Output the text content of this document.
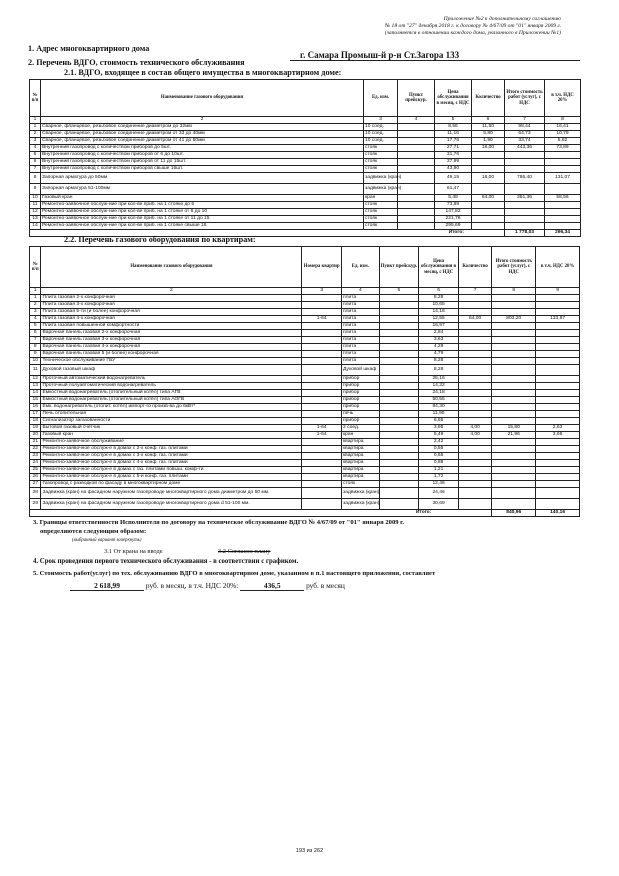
Приложение №2 к дополнительному соглашению
№ 18 от "27" декабря 2018 г. к договору № 4/67/09 от "01" января 2009 г.
(заполняется в отношении каждого дома, указанного в Приложении №1)
1. Адрес многоквартирного дома
г. Самара Промыш-й р-н Ст.Загора 133
2. Перечень ВДГО, стоимость технического обслуживания
2.1. ВДГО, входящее в состав общего имущества в многоквартирном доме:
№ п/п	Наименование газового оборудования	Ед. изм.	Пункт прейскур.	Цена обслуживания в месяц, с НДС	Количество	Итого стоимость работ (услуг), с НДС	в т.ч. НДС 20%
1	2	3	4	5	6	7	8
1	Сварное, фланцевое, резьбовое соединение диаметром до 32мм	10 соед.		8,56	11,50	98,44	16,41
2	Сварное, фланцевое, резьбовое соединение диаметром от 33 до 40мм	10 соед.		11,16	5,80	64,73	10,79
3	Сварное, фланцевое, резьбовое соединение диаметром от 41 до 50мм	10 соед.		17,76	1,90	33,74	5,62
4	Внутренний газопровод с количеством приборов до 5шт.	стояк		27,71	16,00	443,36	73,89
5	Внутренний газопровод с количеством приборов от 6 до 10шт.	стояк		31,76			
6	Внутренний газопровод с количеством приборов от 11 до 15шт.	стояк		37,99			
7	Внутренний газопровод с количеством приборов свыше 16шт.	стояк		43,90			
8	Запорная арматура до 50мм	задвижка (кран)		49,15	16,00	786,40	131,07
9	Запорная арматура 51-100мм	задвижка (кран)		61,47			
10	Газовый кран	кран		5,49	64,00	351,36	58,56
11	Ремонтно-заявочное обслуж-ние при кол-ве приб. на 1 стояке до 5	стояк		73,89			
12	Ремонтно-заявочное обслуж-ние при кол-ве приб. на 1 стояке от 6 до 10	стояк		147,82			
13	Ремонтно-заявочное обслуж-ние при кол-ве приб. на 1 стояке от 11 до 15	стояк		221,76			
14	Ремонтно-заявочное обслуж-ние при кол-ве приб. на 1 стояке свыше 16	стояк		295,69			
Итого:						1 778,03	296,34
2.2. Перечень газового оборудования по квартирам:
№ п/п	Наименование газового оборудования	Номера квартир	Ед. изм.	Пункт прейскур.	Цена обслуживания в месяц, с НДС	Количество	Итого стоимость работ (услуг), с НДС	в т.ч. НДС 20%
1	2	3	4	5	6	7	8	9
1	Плита газовая 2-х конфорочная		плита		8,28			
2	Плита газовая 3-х конфорочная		плита		10,65			
3	Плита газовая 5-ти (и более) конфорочная		плита		14,18			
4	Плита газовая 4-х конфорочная	1-64	плита		12,55	64,00	803,20	133,87
5	Плита газовая повышенной комфортности		плита		16,97			
6	Варочная панель газовая 2-х конфорочная		плита		2,84			
7	Варочная панель газовая 3-х конфорочная		плита		3,63			
8	Варочная панель газовая 4-х конфорочная		плита		4,28			
9	Варочная панель газовая 5 (и более) конфорочная		плита		4,79			
10	Техническое обслуживание ГБУ		плита		8,28			
11	Духовой газовый шкаф		Духовой шкаф		8,28			
12	Проточный автоматический водонагреватель		прибор		25,16			
13	Проточный полуавтоматический водонагреватель		прибор		14,32			
14	Емкостный водонагреватель (отопительный котёл) типа АГВ		прибор		24,18			
15	Емкостный водонагреватель (отопительный котёл) типа АОГВ		прибор		50,55			
16	Емк. водонагреватель (отопит. котёл) импорт-го произв-ва до 6кВт*		прибор		84,30			
17	Печь отопительная		печь		11,90			
18	Сигнализатор загазованности		прибор		6,65			
19	Бытовой газовый счетчик	1-64	2 соед.		3,95	4,00	15,80	2,63
20	Газовый кран	1-64	кран		5,49	4,00	21,96	3,66
21	Ремонтно-заявочное обслуживание		квартира		2,42			
22	Ремонтно-заявочное обслуж-е в домах с 2-х конф. газ. плитами		квартира		0,56			
23	Ремонтно-заявочное обслуж-е в домах с 3-х конф. газ. плитами		квартира		0,65			
24	Ремонтно-заявочное обслуж-е в домах с 4-х конф. газ. плитами		квартира		0,88			
25	Ремонтно-заявочное обслуж-е в домах с газ. плитами повыш. комф-ти		квартира		1,21			
26	Ремонтно-заявочное обслуж-е в домах с 5-и конф. газ. плитами		квартира		1,72			
27	Газопровод с разводкой по фасаду в многоквартирном доме		стояк		12,46			
28	Задвижка (кран) на фасадном наружном газопроводе многоквартирного дома диаметром до 50 мм.		задвижка (кран)		24,46			
29	Задвижка (кран) на фасадном наружном газопроводе многоквартирного дома d 51-100 мм.		задвижка (кран)		30,69			
Итого:							840,96	140,16
3. Границы ответственности Исполнителя по договору на техническое обслуживание ВДГО № 4/67/09 от "01" января 2009 г.
определяются следующим образом:
(выбранный вариант зачеркнуть)
3.1 От крана на вводе	3.2 Согласно плану
4. Срок проведения первого технического обслуживания - в соответствии с графиком.
5. Стоимость работ(услуг) по тех. обслуживанию ВДГО в многоквартирном доме, указанном в п.1 настоящего приложения, составляет
2 618,99	руб. в месяц, в т.ч. НДС 20%:	436,5	руб. в месяц
193 из 262
